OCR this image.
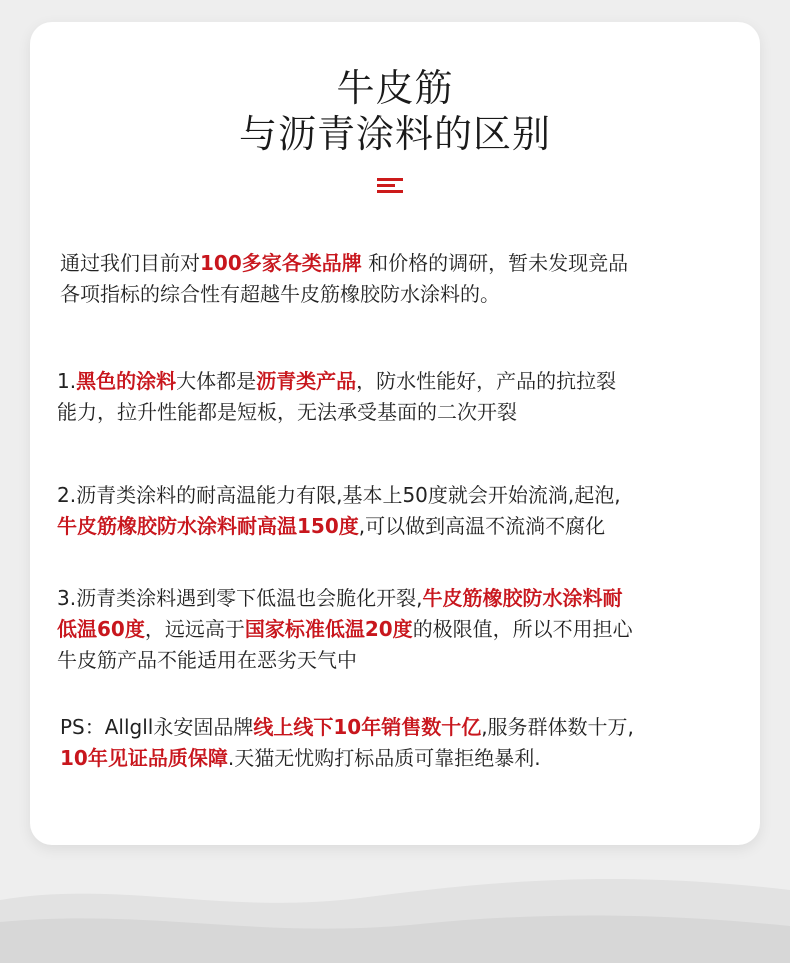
牛皮筋
与沥青涂料的区别

通过我们目前对100多家各类品牌 和价格的调研，暂未发现竞品
各项指标的综合性有超越牛皮筋橡胶防水涂料的。

1.黑色的涂料大体都是沥青类产品，防水性能好，产品的抗拉裂
能力，拉升性能都是短板，无法承受基面的二次开裂

2.沥青类涂料的耐高温能力有限,基本上50度就会开始流淌,起泡,
牛皮筋橡胶防水涂料耐高温150度,可以做到高温不流淌不腐化

3.沥青类涂料遇到零下低温也会脆化开裂,牛皮筋橡胶防水涂料耐
低温60度，远远高于国家标准低温20度的极限值，所以不用担心
牛皮筋产品不能适用在恶劣天气中

PS：Allgll永安固品牌线上线下10年销售数十亿,服务群体数十万,
10年见证品质保障.天猫无忧购打标品质可靠拒绝暴利.
